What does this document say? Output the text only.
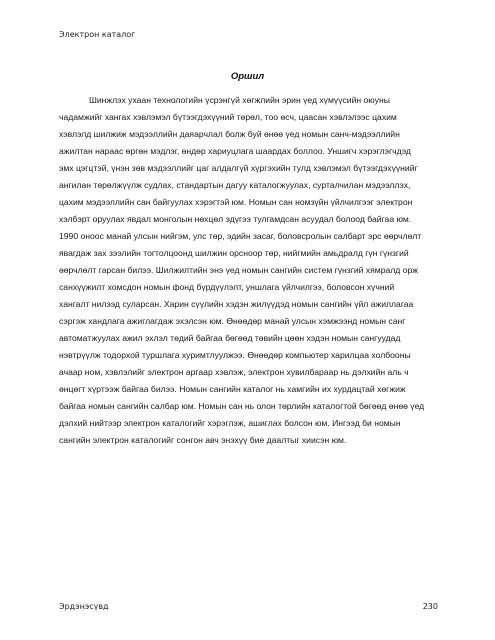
Электрон каталог

Оршил

Шинжлэх ухаан технологийн үсрэнгүй хөгжлийн эрин үед хүмүүсийн оюуны
чадамжийг хангах хэвлэмэл бүтээгдэхүүний төрөл, тоо өсч, цаасан хэвлэлээс цахим
хэвлэлд шилжиж мэдээллийн даяарчлал болж буй өнөө үед номын санч-мэдээллийн
ажилтан нарaac өргөн мэдлэг, өндөр хариуцлага шаардах боллоо. Уншигч хэрэглэгчдэд
эмх цэгцтэй, үнэн зөв мэдээллийг цаг алдалгүй хүргэхийн тулд хэвлэмэл бүтээгдэхүүнийг
ангилан төрөлжүүлж судлах, стандартын дагуу каталогжуулах, сурталчилан мэдээллэх,
цахим мэдээллийн сан байгуулах хэрэгтэй юм. Номын сан номзүйн үйлчилгээг электрон
хэлбэрт оруулах явдал монголын нөхцөл эдүгээ тулгамдсан асуудал болоод байгаа юм.
1990 оноос манай улсын нийгэм, улс төр, эдийн засаг, боловсролын салбарт эрс өөрчлөлт
явагдаж зах зээлийн тогтолцоонд шилжин орсноор төр, нийгмийн амьдралд гүн гүнзгий
өөрчлөлт гарсан билээ. Шилжилтийн энэ үед номын сангийн систем гүнзгий хямралд орж
санхүүжилт хомсдон номын фонд бүрдүүлэлт, уншлага үйлчилгээ, боловсон хүчний
хангалт нилээд суларсан. Харин сүүлийн хэдэн жилүүдэд номын сангийн үйл ажиллагаа
сэргэж хандлага ажиглагдаж эхэлсэн юм. Өнөөдөр манай улсын хэмжээнд номын санг
автоматжуулах ажил эхлэл төдий байгаа бөгөөд төвийн цөөн хэдэн номын сангуудад
нэвтрүүлж тодорхой туршлага хуримтлуулжээ. Өнөөдөр компьютер харилцаа холбооны
ачаар ном, хэвлэлийг электрон аргаар хэвлэж, электрон хувилбараар нь дэлхийн аль ч
өнцөгт хүртээж байгаа билээ. Номын сангийн каталог нь хамгийн их хурдацтай хөгжиж
байгаа номын сангийн салбар юм. Номын сан нь олон төрлийн каталогтой бөгөөд өнөө үед
дэлхий нийтээр электрон каталогийг хэрэглэж, ашиглах болсон юм. Ингээд би номын
сангийн электрон каталогийг сонгон авч энэхүү бие даалтыг хиисэн юм.

Эрдэнэсүвд	230
